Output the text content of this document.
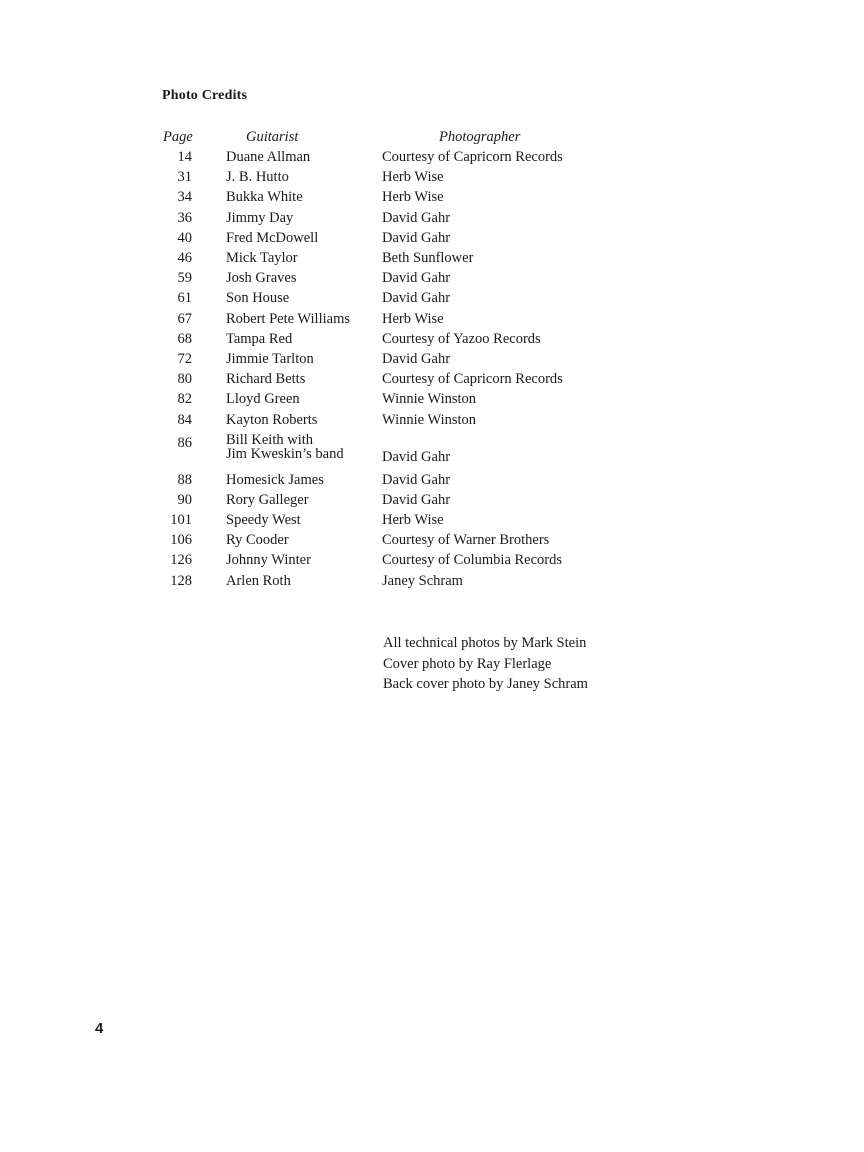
Photo Credits
Page	Guitarist	Photographer
14 Duane Allman	Courtesy of Capricorn Records
31 J. B. Hutto	Herb Wise
34 Bukka White	Herb Wise
36 Jimmy Day	David Gahr
40 Fred McDowell	David Gahr
46 Mick Taylor	Beth Sunflower
59 Josh Graves	David Gahr
61 Son House	David Gahr
67 Robert Pete Williams	Herb Wise
68 Tampa Red	Courtesy of Yazoo Records
72 Jimmie Tarlton	David Gahr
80 Richard Betts	Courtesy of Capricorn Records
82 Lloyd Green	Winnie Winston
84 Kayton Roberts	Winnie Winston
86 Bill Keith with
Jim Kweskin’s band	David Gahr
88 Homesick James	David Gahr
90 Rory Galleger	David Gahr
101 Speedy West	Herb Wise
106 Ry Cooder	Courtesy of Warner Brothers
126 Johnny Winter	Courtesy of Columbia Records
128 Arlen Roth	Janey Schram
All technical photos by Mark Stein
Cover photo by Ray Flerlage
Back cover photo by Janey Schram
4
